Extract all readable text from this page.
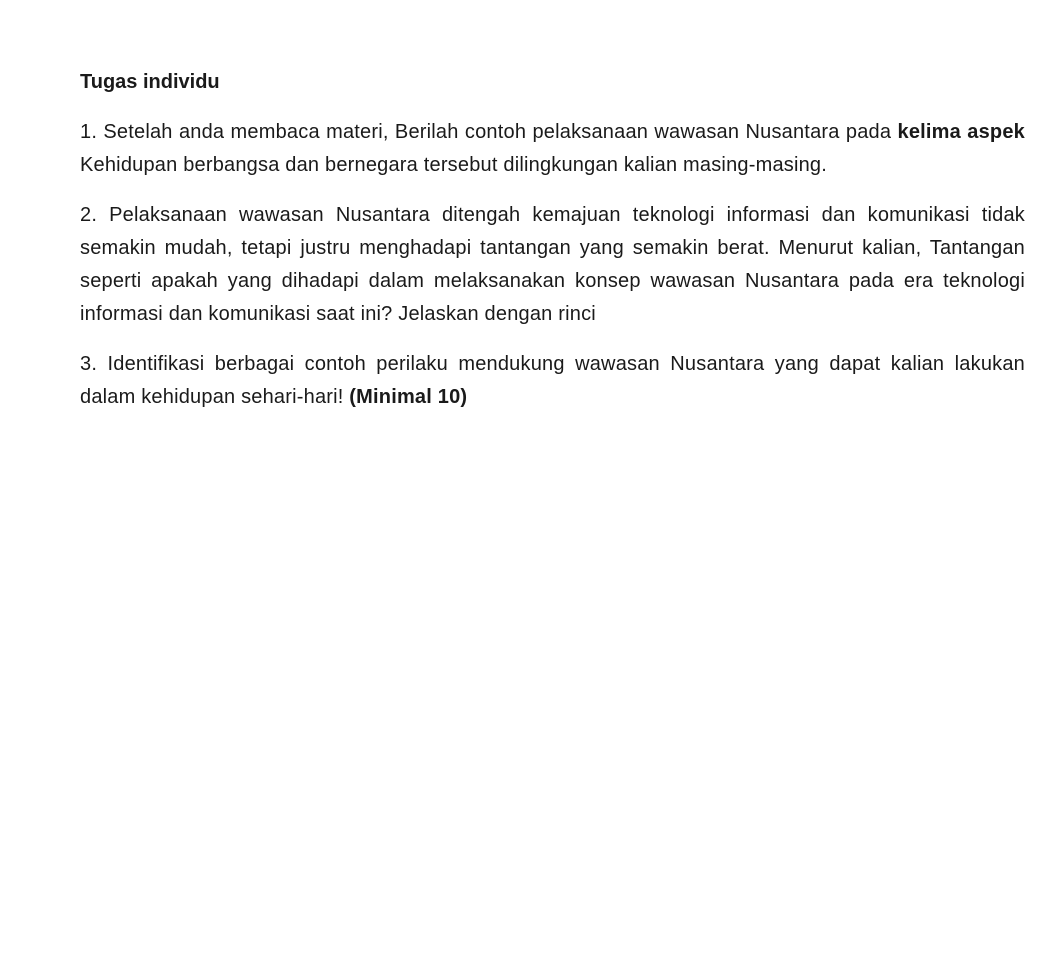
Tugas individu

1. Setelah anda membaca materi, Berilah contoh pelaksanaan wawasan Nusantara pada kelima aspek Kehidupan berbangsa dan bernegara tersebut dilingkungan kalian masing-masing.

2. Pelaksanaan wawasan Nusantara ditengah kemajuan teknologi informasi dan komunikasi tidak semakin mudah, tetapi justru menghadapi tantangan yang semakin berat. Menurut kalian, Tantangan seperti apakah yang dihadapi dalam melaksanakan konsep wawasan Nusantara pada era teknologi informasi dan komunikasi saat ini? Jelaskan dengan rinci

3. Identifikasi berbagai contoh perilaku mendukung wawasan Nusantara yang dapat kalian lakukan dalam kehidupan sehari-hari! (Minimal 10)
